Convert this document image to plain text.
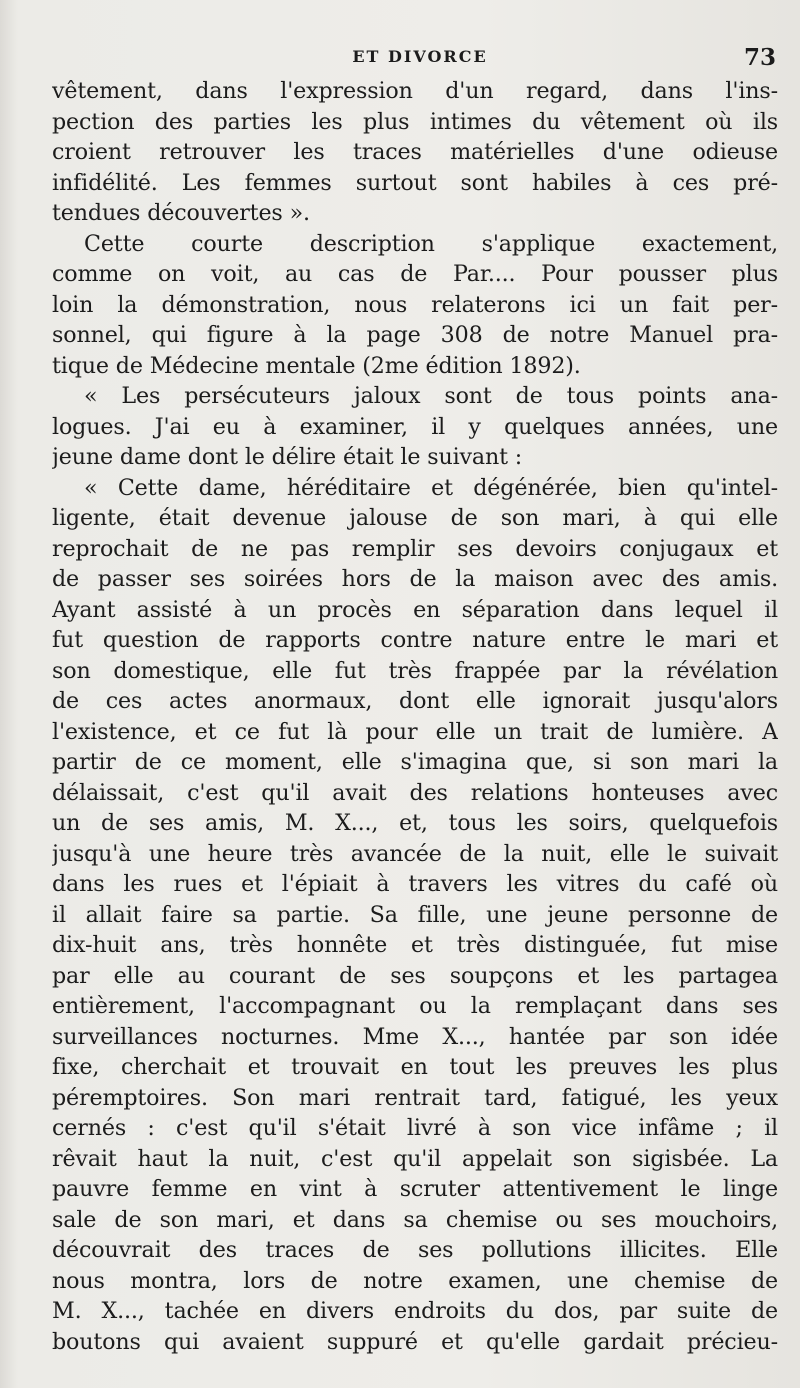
ET DIVORCE	73
vêtement, dans l'expression d'un regard, dans l'ins-
pection des parties les plus intimes du vêtement où ils
croient retrouver les traces matérielles d'une odieuse
infidélité. Les femmes surtout sont habiles à ces pré-
tendues découvertes ».
Cette courte description s'applique exactement,
comme on voit, au cas de Par.... Pour pousser plus
loin la démonstration, nous relaterons ici un fait per-
sonnel, qui figure à la page 308 de notre Manuel pra-
tique de Médecine mentale (2me édition 1892).
« Les persécuteurs jaloux sont de tous points ana-
logues. J'ai eu à examiner, il y quelques années, une
jeune dame dont le délire était le suivant :
« Cette dame, héréditaire et dégénérée, bien qu'intel-
ligente, était devenue jalouse de son mari, à qui elle
reprochait de ne pas remplir ses devoirs conjugaux et
de passer ses soirées hors de la maison avec des amis.
Ayant assisté à un procès en séparation dans lequel il
fut question de rapports contre nature entre le mari et
son domestique, elle fut très frappée par la révélation
de ces actes anormaux, dont elle ignorait jusqu'alors
l'existence, et ce fut là pour elle un trait de lumière. A
partir de ce moment, elle s'imagina que, si son mari la
délaissait, c'est qu'il avait des relations honteuses avec
un de ses amis, M. X..., et, tous les soirs, quelquefois
jusqu'à une heure très avancée de la nuit, elle le suivait
dans les rues et l'épiait à travers les vitres du café où
il allait faire sa partie. Sa fille, une jeune personne de
dix-huit ans, très honnête et très distinguée, fut mise
par elle au courant de ses soupçons et les partagea
entièrement, l'accompagnant ou la remplaçant dans ses
surveillances nocturnes. Mme X..., hantée par son idée
fixe, cherchait et trouvait en tout les preuves les plus
péremptoires. Son mari rentrait tard, fatigué, les yeux
cernés : c'est qu'il s'était livré à son vice infâme ; il
rêvait haut la nuit, c'est qu'il appelait son sigisbée. La
pauvre femme en vint à scruter attentivement le linge
sale de son mari, et dans sa chemise ou ses mouchoirs,
découvrait des traces de ses pollutions illicites. Elle
nous montra, lors de notre examen, une chemise de
M. X..., tachée en divers endroits du dos, par suite de
boutons qui avaient suppuré et qu'elle gardait précieu-
